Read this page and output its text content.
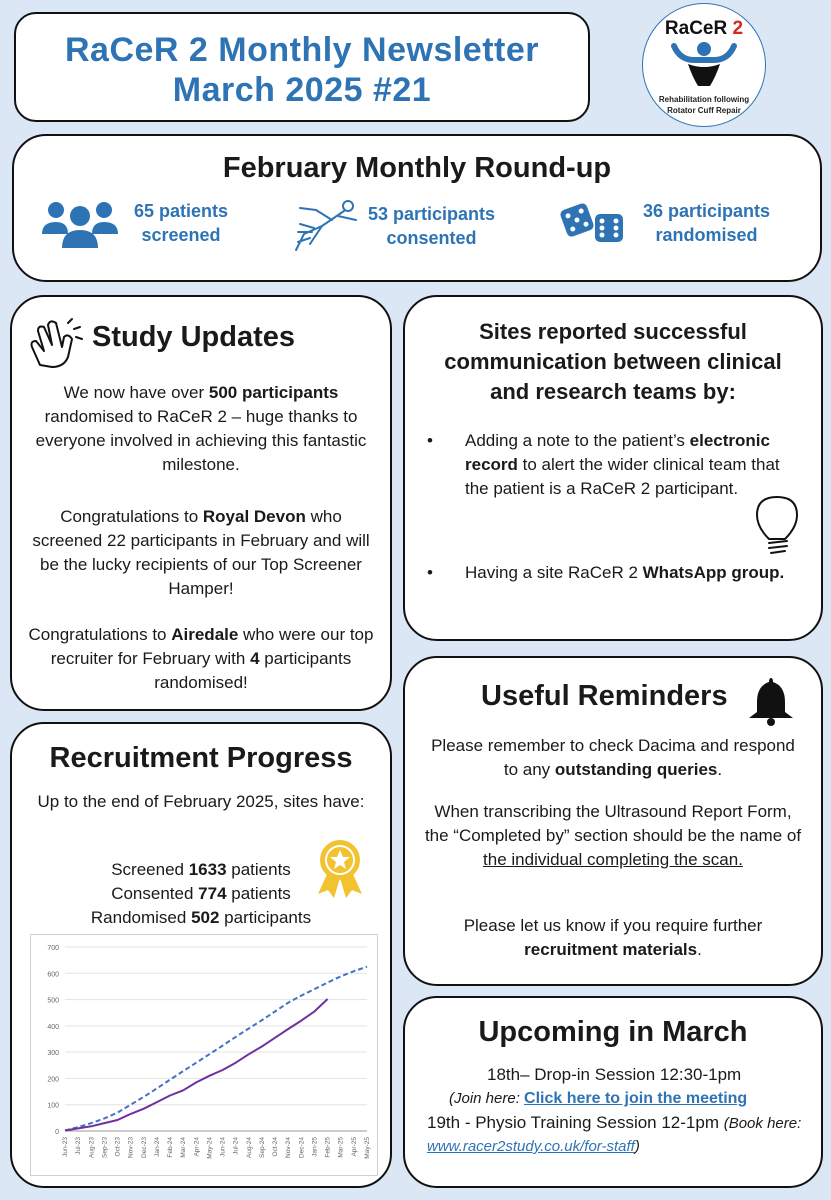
RaCeR 2 Monthly Newsletter
March 2025 #21
RaCeR 2
Rehabilitation following
Rotator Cuff Repair
February Monthly Round-up
65 patients
screened
53 participants
consented
36 participants
randomised
Study Updates
We now have over 500 participants randomised to RaCeR 2 – huge thanks to everyone involved in achieving this fantastic milestone.
Congratulations to Royal Devon who screened 22 participants in February and will be the lucky recipients of our Top Screener Hamper!
Congratulations to Airedale who were our top recruiter for February with 4 participants randomised!
Sites reported successful communication between clinical and research teams by:
• Adding a note to the patient’s electronic record to alert the wider clinical team that the patient is a RaCeR 2 participant.
• Having a site RaCeR 2 WhatsApp group.
Useful Reminders
Please remember to check Dacima and respond to any outstanding queries.
When transcribing the Ultrasound Report Form, the “Completed by” section should be the name of the individual completing the scan.
Please let us know if you require further recruitment materials.
Recruitment Progress
Up to the end of February 2025, sites have:
Screened 1633 patients
Consented 774 patients
Randomised 502 participants
0
100
200
300
400
500
600
700
Jun-23 Jul-23 Aug-23 Sep-23 Oct-23 Nov-23 Dec-23 Jan-24 Feb-24 Mar-24 Apr-24 May-24 Jun-24 Jul-24 Aug-24 Sep-24 Oct-24 Nov-24 Dec-24 Jan-25 Feb-25 Mar-25 Apr-25 May-25
Upcoming in March
18th– Drop-in Session 12:30-1pm
(Join here: Click here to join the meeting
19th - Physio Training Session 12-1pm (Book here: www.racer2study.co.uk/for-staff)
